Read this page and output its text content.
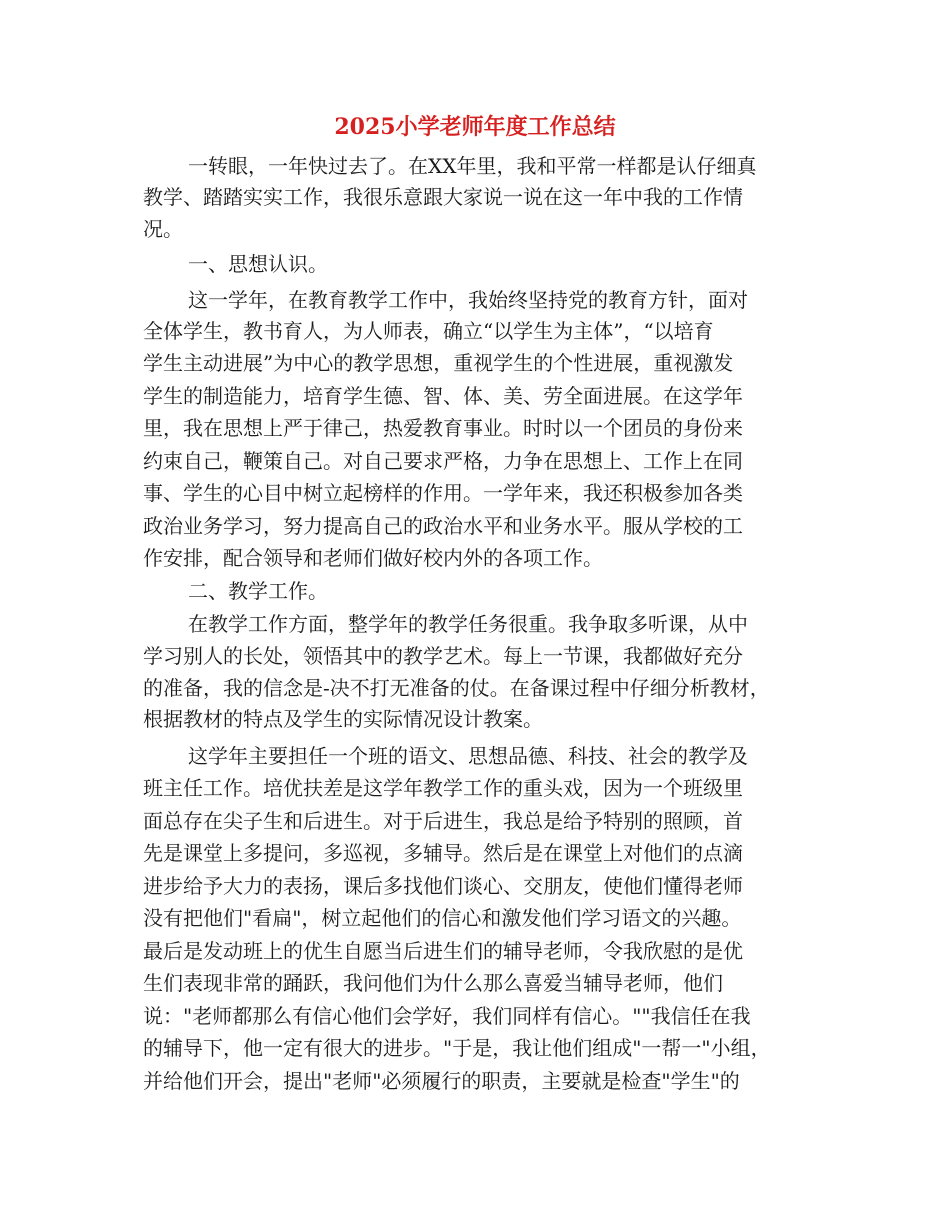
2025小学老师年度工作总结
一转眼，一年快过去了。在XX年里，我和平常一样都是认仔细真
教学、踏踏实实工作，我很乐意跟大家说一说在这一年中我的工作情
况。
一、思想认识。
这一学年，在教育教学工作中，我始终坚持党的教育方针，面对
全体学生，教书育人，为人师表，确立“以学生为主体”，“以培育
学生主动进展”为中心的教学思想，重视学生的个性进展，重视激发
学生的制造能力，培育学生德、智、体、美、劳全面进展。在这学年
里，我在思想上严于律己，热爱教育事业。时时以一个团员的身份来
约束自己，鞭策自己。对自己要求严格，力争在思想上、工作上在同
事、学生的心目中树立起榜样的作用。一学年来，我还积极参加各类
政治业务学习，努力提高自己的政治水平和业务水平。服从学校的工
作安排，配合领导和老师们做好校内外的各项工作。
二、教学工作。
在教学工作方面，整学年的教学任务很重。我争取多听课，从中
学习别人的长处，领悟其中的教学艺术。每上一节课，我都做好充分
的准备，我的信念是-决不打无准备的仗。在备课过程中仔细分析教材，
根据教材的特点及学生的实际情况设计教案。
这学年主要担任一个班的语文、思想品德、科技、社会的教学及
班主任工作。培优扶差是这学年教学工作的重头戏，因为一个班级里
面总存在尖子生和后进生。对于后进生，我总是给予特别的照顾，首
先是课堂上多提问，多巡视，多辅导。然后是在课堂上对他们的点滴
进步给予大力的表扬，课后多找他们谈心、交朋友，使他们懂得老师
没有把他们"看扁"，树立起他们的信心和激发他们学习语文的兴趣。
最后是发动班上的优生自愿当后进生们的辅导老师，令我欣慰的是优
生们表现非常的踊跃，我问他们为什么那么喜爱当辅导老师，他们
说："老师都那么有信心他们会学好，我们同样有信心。""我信任在我
的辅导下，他一定有很大的进步。"于是，我让他们组成"一帮一"小组，
并给他们开会，提出"老师"必须履行的职责，主要就是检查"学生"的
